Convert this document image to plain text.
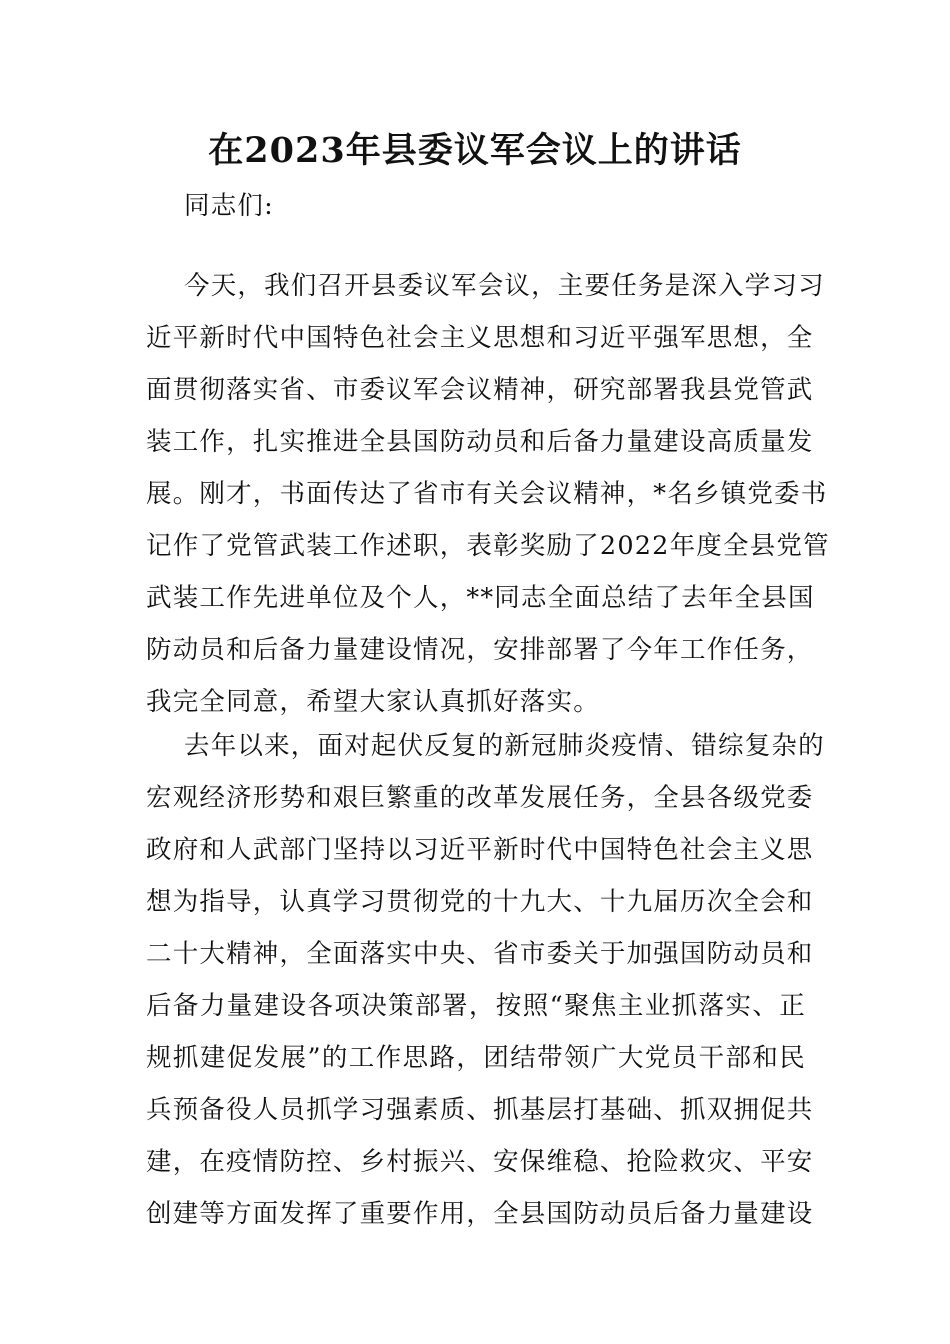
在2023年县委议军会议上的讲话
同志们:
今天，我们召开县委议军会议，主要任务是深入学习习
近平新时代中国特色社会主义思想和习近平强军思想，全
面贯彻落实省、市委议军会议精神，研究部署我县党管武
装工作，扎实推进全县国防动员和后备力量建设高质量发
展。刚才，书面传达了省市有关会议精神，*名乡镇党委书
记作了党管武装工作述职，表彰奖励了2022年度全县党管
武装工作先进单位及个人，**同志全面总结了去年全县国
防动员和后备力量建设情况，安排部署了今年工作任务，
我完全同意，希望大家认真抓好落实。
去年以来，面对起伏反复的新冠肺炎疫情、错综复杂的
宏观经济形势和艰巨繁重的改革发展任务，全县各级党委
政府和人武部门坚持以习近平新时代中国特色社会主义思
想为指导，认真学习贯彻党的十九大、十九届历次全会和
二十大精神，全面落实中央、省市委关于加强国防动员和
后备力量建设各项决策部署，按照“聚焦主业抓落实、正
规抓建促发展”的工作思路，团结带领广大党员干部和民
兵预备役人员抓学习强素质、抓基层打基础、抓双拥促共
建，在疫情防控、乡村振兴、安保维稳、抢险救灾、平安
创建等方面发挥了重要作用，全县国防动员后备力量建设
